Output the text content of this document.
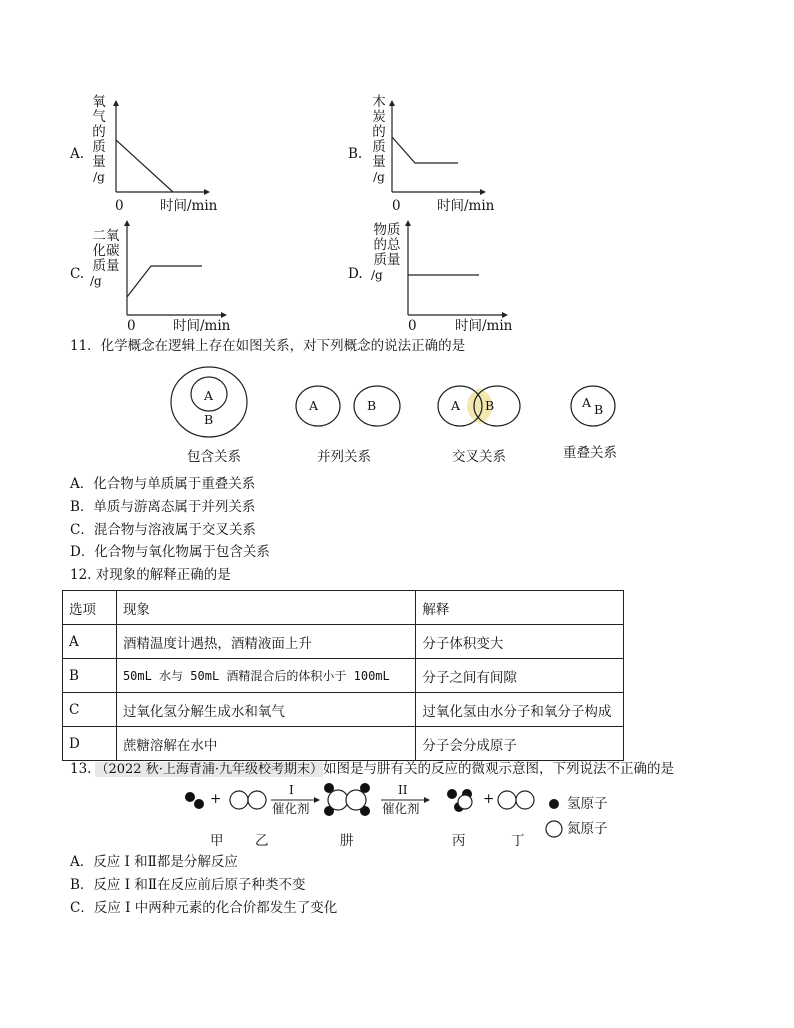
A.
氧
气
的
质
量
/g
0	时间/min
B.
木
炭
的
质
量
/g
0	时间/min
C.
二氧
化碳
质量
/g
0	时间/min
D.
物质
的总
质量
/g
0	时间/min
11．化学概念在逻辑上存在如图关系，对下列概念的说法正确的是
A
B
A	B	A B	A B
包含关系	并列关系	交叉关系	重叠关系
A．化合物与单质属于重叠关系
B．单质与游离态属于并列关系
C．混合物与溶液属于交叉关系
D．化合物与氧化物属于包含关系
12. 对现象的解释正确的是
选项	现象	解释
A	酒精温度计遇热，酒精液面上升	分子体积变大
B	50mL 水与 50mL 酒精混合后的体积小于 100mL	分子之间有间隙
C	过氧化氢分解生成水和氧气	过氧化氢由水分子和氧分子构成
D	蔗糖溶解在水中	分子会分成原子
13. （2022 秋·上海青浦·九年级校考期末）如图是与肼有关的反应的微观示意图，下列说法不正确的是
+
I
催化剂
II
催化剂
+	氢原子
氮原子
甲 乙	肼	丙	丁
A．反应 I 和Ⅱ都是分解反应
B．反应 I 和Ⅱ在反应前后原子种类不变
C．反应 I 中两种元素的化合价都发生了变化
